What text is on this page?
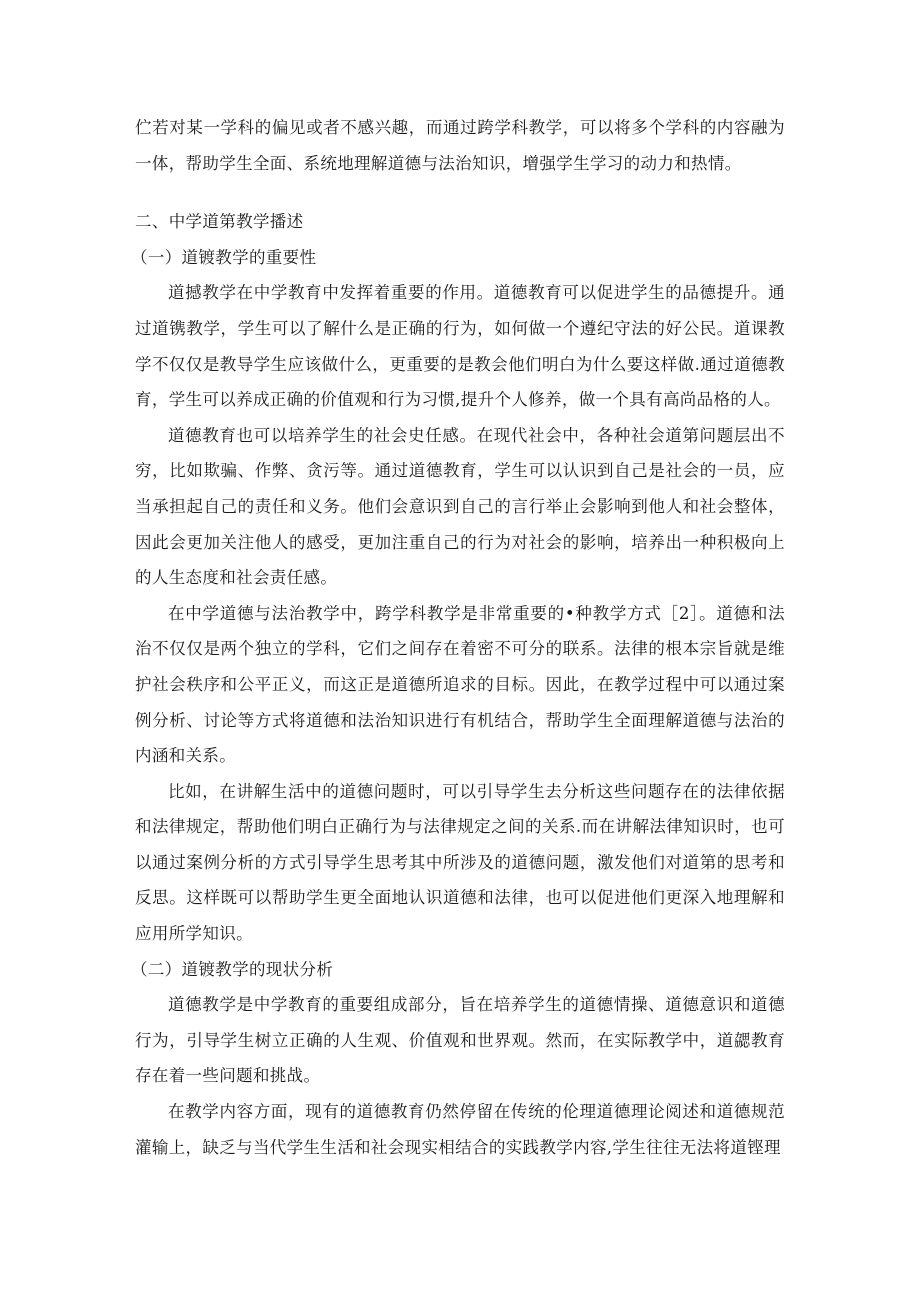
伫若对某一学科的偏见或者不感兴趣，而通过跨学科教学，可以将多个学科的内容融为一体，帮助学生全面、系统地理解道德与法治知识，增强学生学习的动力和热情。

二、中学道第教学播述

（一）道镀教学的重要性

道撼教学在中学教育中发挥着重要的作用。道德教育可以促进学生的品德提升。通过道镌教学，学生可以了解什么是正确的行为，如何做一个遵纪守法的好公民。道课教学不仅仅是教导学生应该做什么，更重要的是教会他们明白为什么要这样做.通过道德教育，学生可以养成正确的价值观和行为习惯,提升个人修养，做一个具有高尚品格的人。

道德教育也可以培养学生的社会史任感。在现代社会中，各种社会道第问题层出不穷，比如欺骗、作弊、贪污等。通过道德教育，学生可以认识到自己是社会的一员，应当承担起自己的责任和义务。他们会意识到自己的言行举止会影响到他人和社会整体，因此会更加关注他人的感受，更加注重自己的行为对社会的影响，培养出一种积极向上的人生态度和社会责任感。

在中学道德与法治教学中，跨学科教学是非常重要的•种教学方式［2］。道德和法治不仅仅是两个独立的学科，它们之间存在着密不可分的联系。法律的根本宗旨就是维护社会秩序和公平正义，而这正是道德所追求的目标。因此，在教学过程中可以通过案例分析、讨论等方式将道德和法治知识进行有机结合，帮助学生全面理解道德与法治的内涵和关系。

比如，在讲解生活中的道德问题时，可以引导学生去分析这些问题存在的法律依据和法律规定，帮助他们明白正确行为与法律规定之间的关系.而在讲解法律知识时，也可以通过案例分析的方式引导学生思考其中所涉及的道德问题，激发他们对道第的思考和反思。这样既可以帮助学生更全面地认识道德和法律，也可以促进他们更深入地理解和应用所学知识。

（二）道镀教学的现状分析

道德教学是中学教育的重要组成部分，旨在培养学生的道德情操、道德意识和道德行为，引导学生树立正确的人生观、价值观和世界观。然而，在实际教学中，道勰教育存在着一些问题和挑战。

在教学内容方面，现有的道德教育仍然停留在传统的伦理道德理论阅述和道德规范灌输上，缺乏与当代学生生活和社会现实相结合的实践教学内容,学生往往无法将道铿理
